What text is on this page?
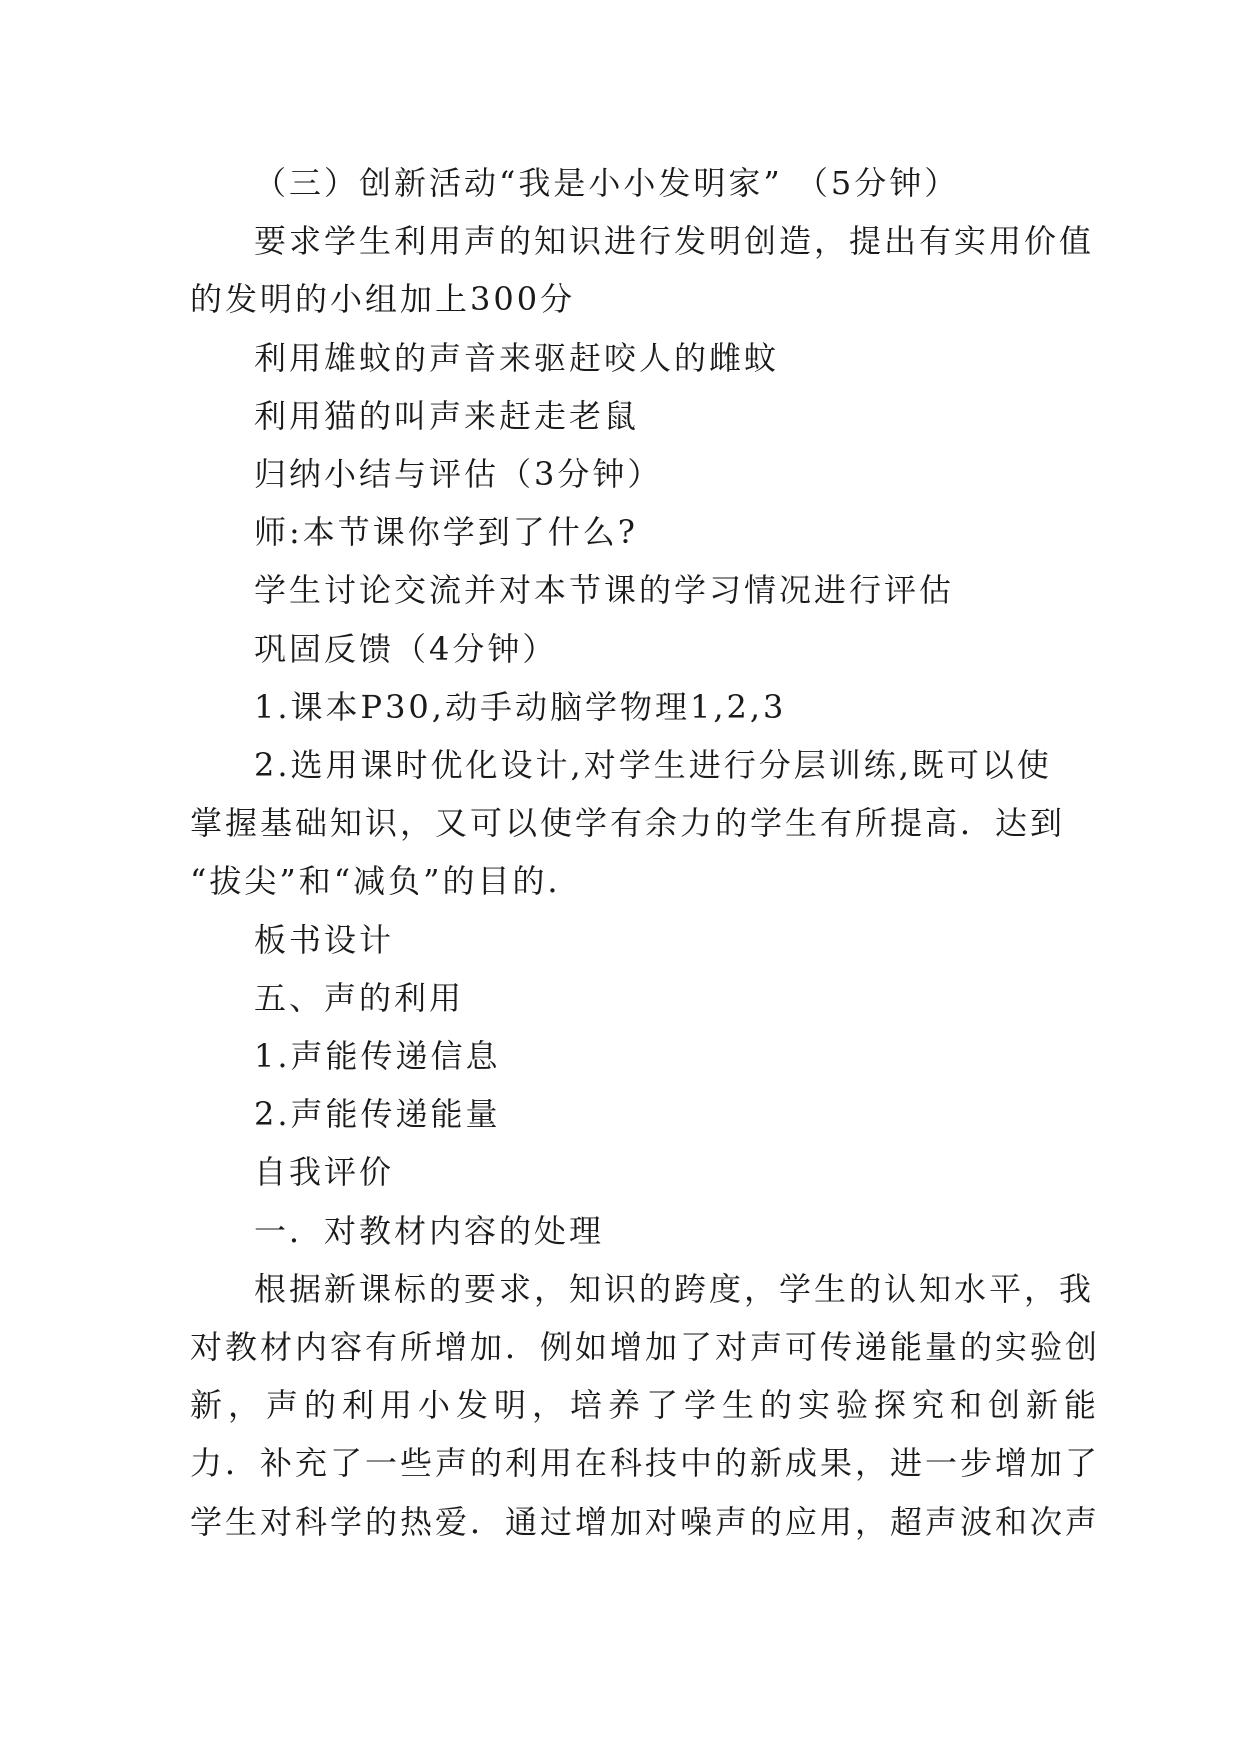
（三）创新活动“我是小小发明家” （5分钟）
要求学生利用声的知识进行发明创造，提出有实用价值
的发明的小组加上300分
利用雄蚊的声音来驱赶咬人的雌蚊
利用猫的叫声来赶走老鼠
归纳小结与评估（3分钟）
师:本节课你学到了什么?
学生讨论交流并对本节课的学习情况进行评估
巩固反馈（4分钟）
1.课本P30,动手动脑学物理1,2,3
2.选用课时优化设计,对学生进行分层训练,既可以使
掌握基础知识，又可以使学有余力的学生有所提高．达到
“拔尖”和“减负”的目的．
板书设计
五、声的利用
1.声能传递信息
2.声能传递能量
自我评价
一．对教材内容的处理
根据新课标的要求，知识的跨度，学生的认知水平，我
对教材内容有所增加．例如增加了对声可传递能量的实验创
新，声的利用小发明，培养了学生的实验探究和创新能
力．补充了一些声的利用在科技中的新成果，进一步增加了
学生对科学的热爱．通过增加对噪声的应用，超声波和次声
